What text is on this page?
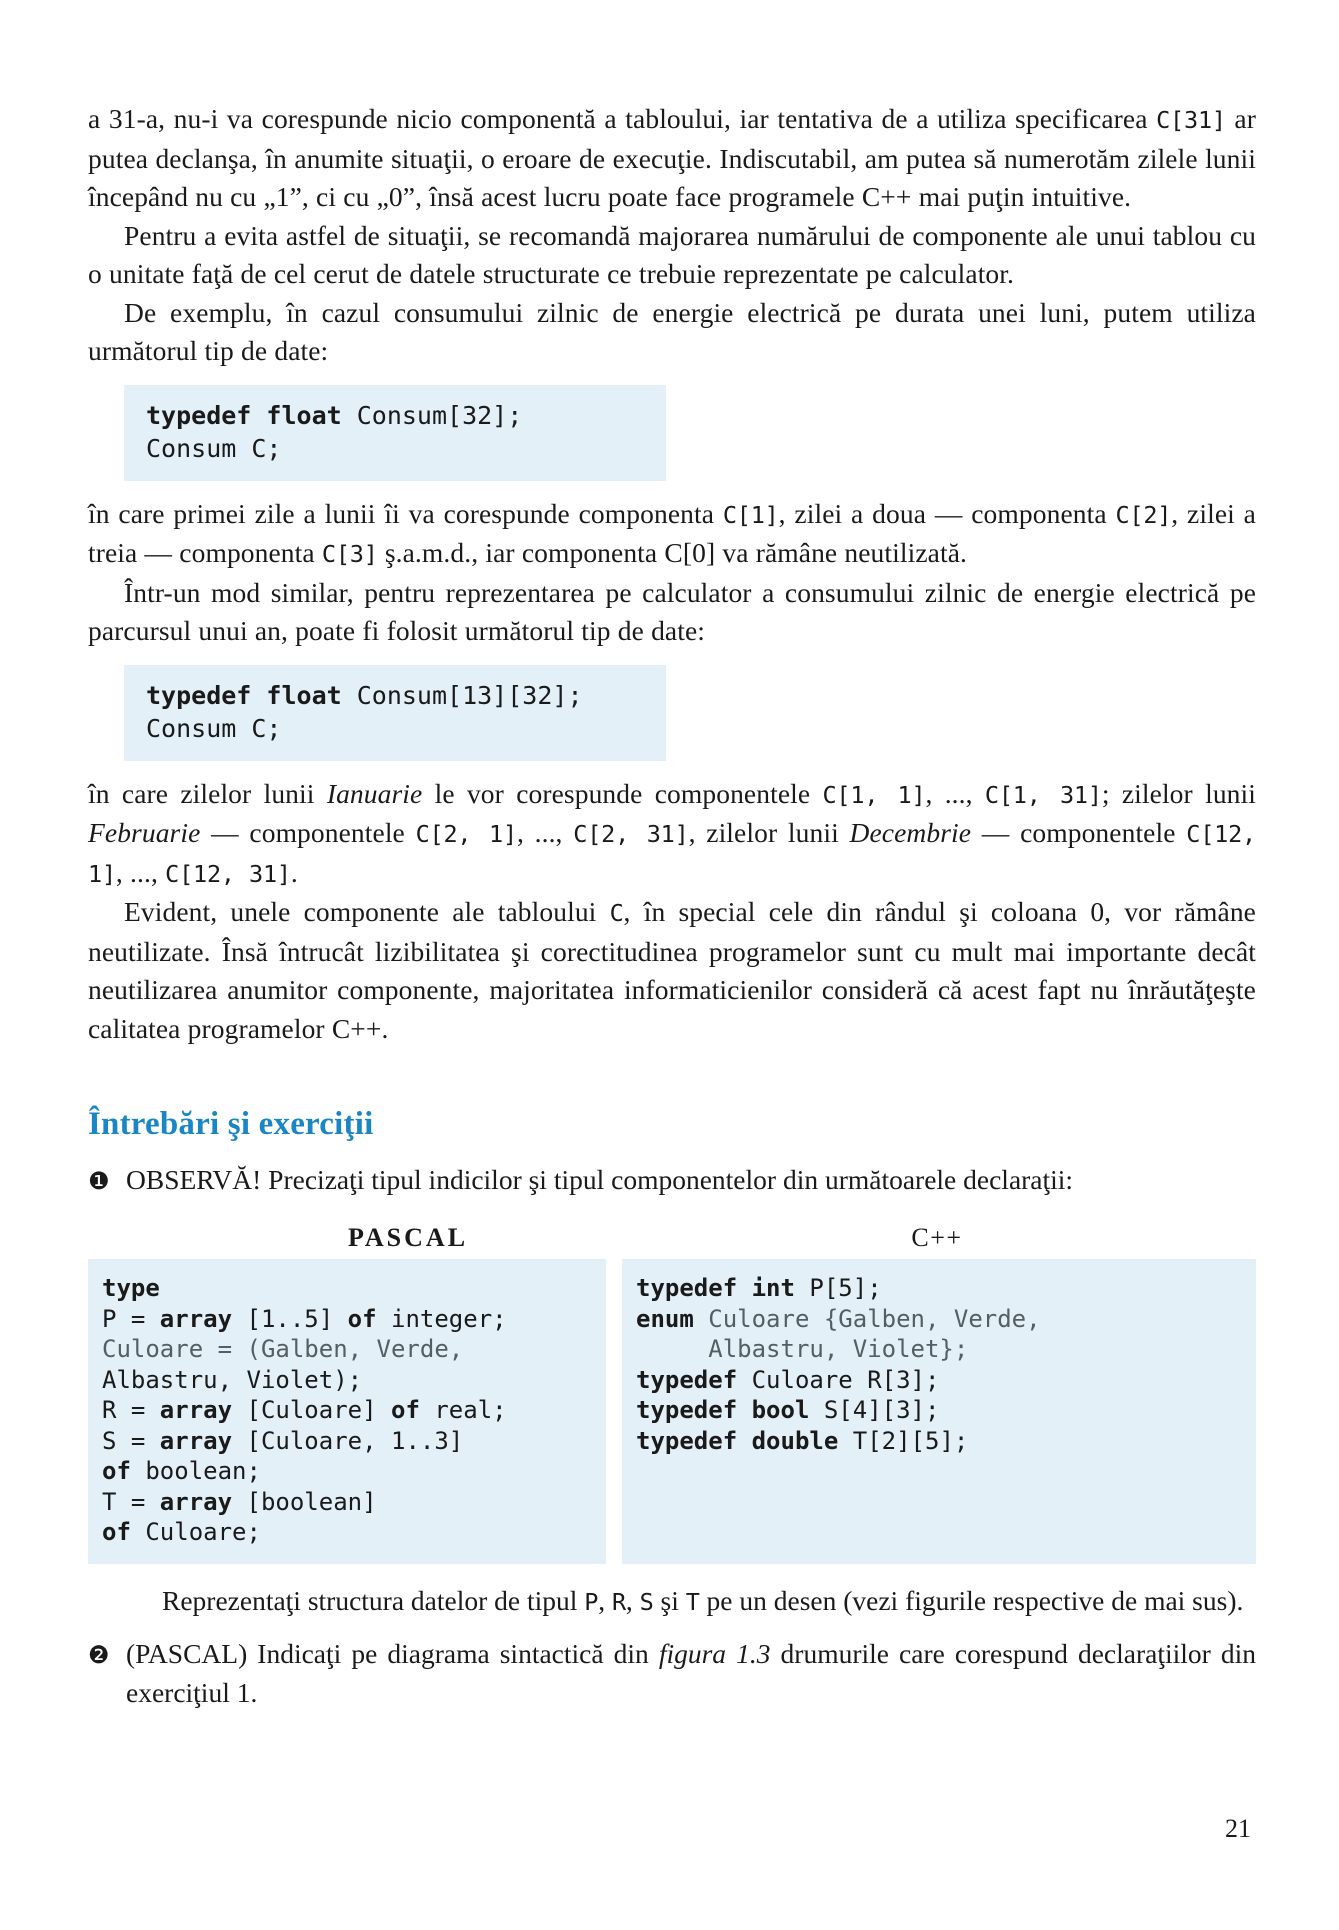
a 31-a, nu-i va corespunde nicio componentă a tabloului, iar tentativa de a utiliza specificarea C[31] ar putea declanşa, în anumite situaţii, o eroare de execuţie. Indiscutabil, am putea să numerotăm zilele lunii începând nu cu „1”, ci cu „0”, însă acest lucru poate face programele C++ mai puţin intuitive.

Pentru a evita astfel de situaţii, se recomandă majorarea numărului de componente ale unui tablou cu o unitate faţă de cel cerut de datele structurate ce trebuie reprezentate pe calculator.

De exemplu, în cazul consumului zilnic de energie electrică pe durata unei luni, putem utiliza următorul tip de date:

typedef float Consum[32];
Consum C;

în care primei zile a lunii îi va corespunde componenta C[1], zilei a doua — componenta C[2], zilei a treia — componenta C[3] ş.a.m.d., iar componenta C[0] va rămâne neutilizată.

Într-un mod similar, pentru reprezentarea pe calculator a consumului zilnic de energie electrică pe parcursul unui an, poate fi folosit următorul tip de date:

typedef float Consum[13][32];
Consum C;

în care zilelor lunii Ianuarie le vor corespunde componentele C[1, 1], ..., C[1, 31]; zilelor lunii Februarie — componentele C[2, 1], ..., C[2, 31], zilelor lunii Decembrie — componentele C[12, 1], ..., C[12, 31].

Evident, unele componente ale tabloului C, în special cele din rândul şi coloana 0, vor rămâne neutilizate. Însă întrucât lizibilitatea şi corectitudinea programelor sunt cu mult mai importante decât neutilizarea anumitor componente, majoritatea informaticienilor consideră că acest fapt nu înrăutăţeşte calitatea programelor C++.

Întrebări şi exerciţii
❶ OBSERVĂ! Precizaţi tipul indicilor şi tipul componentelor din următoarele declaraţii:
PASCAL	C++
type
P = array [1..5] of integer;
Culoare = (Galben, Verde,
Albastru, Violet);
R = array [Culoare] of real;
S = array [Culoare, 1..3]
of boolean;
T = array [boolean]
of Culoare;
typedef int P[5];
enum Culoare {Galben, Verde,
Albastru, Violet};
typedef Culoare R[3];
typedef bool S[4][3];
typedef double T[2][5];
Reprezentaţi structura datelor de tipul P, R, S şi T pe un desen (vezi figurile respective de mai sus).
❷ (PASCAL) Indicaţi pe diagrama sintactică din figura 1.3 drumurile care corespund declaraţiilor din exerciţiul 1.
21
